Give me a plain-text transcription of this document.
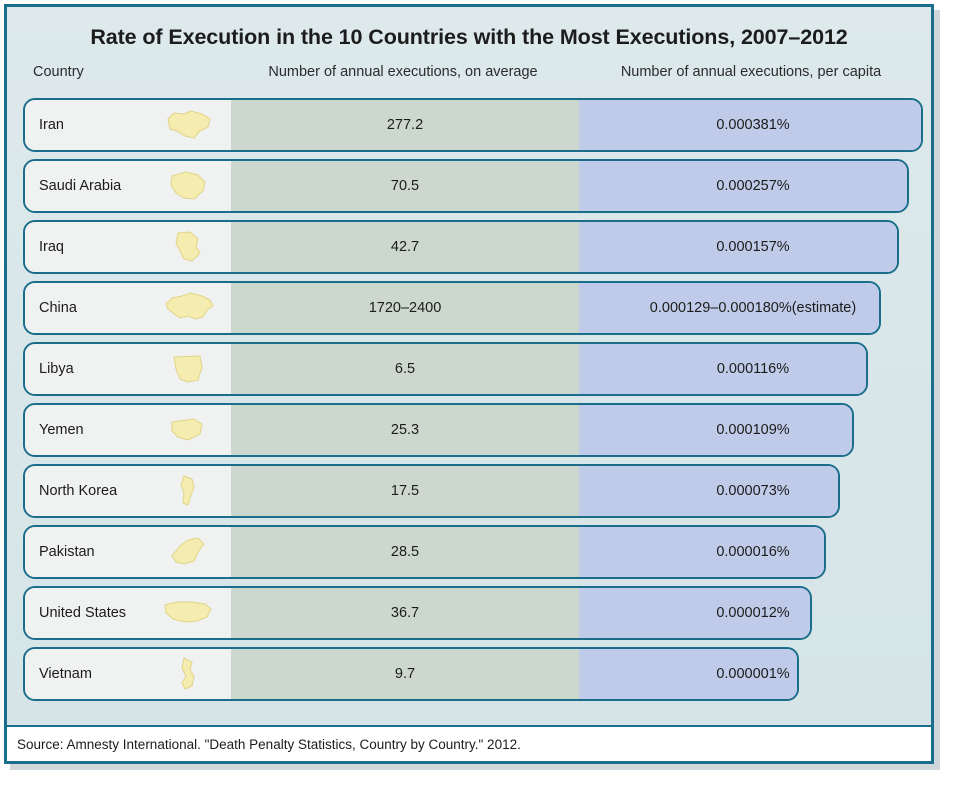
Rate of Execution in the 10 Countries with the Most Executions, 2007–2012
Country	Number of annual executions, on average	Number of annual executions, per capita
Iran	277.2	0.000381%
Saudi Arabia	70.5	0.000257%
Iraq	42.7	0.000157%
China	1720–2400	0.000129–0.000180% (estimate)
Libya	6.5	0.000116%
Yemen	25.3	0.000109%
North Korea	17.5	0.000073%
Pakistan	28.5	0.000016%
United States	36.7	0.000012%
Vietnam	9.7	0.000001%
Source: Amnesty International. "Death Penalty Statistics, Country by Country." 2012.
